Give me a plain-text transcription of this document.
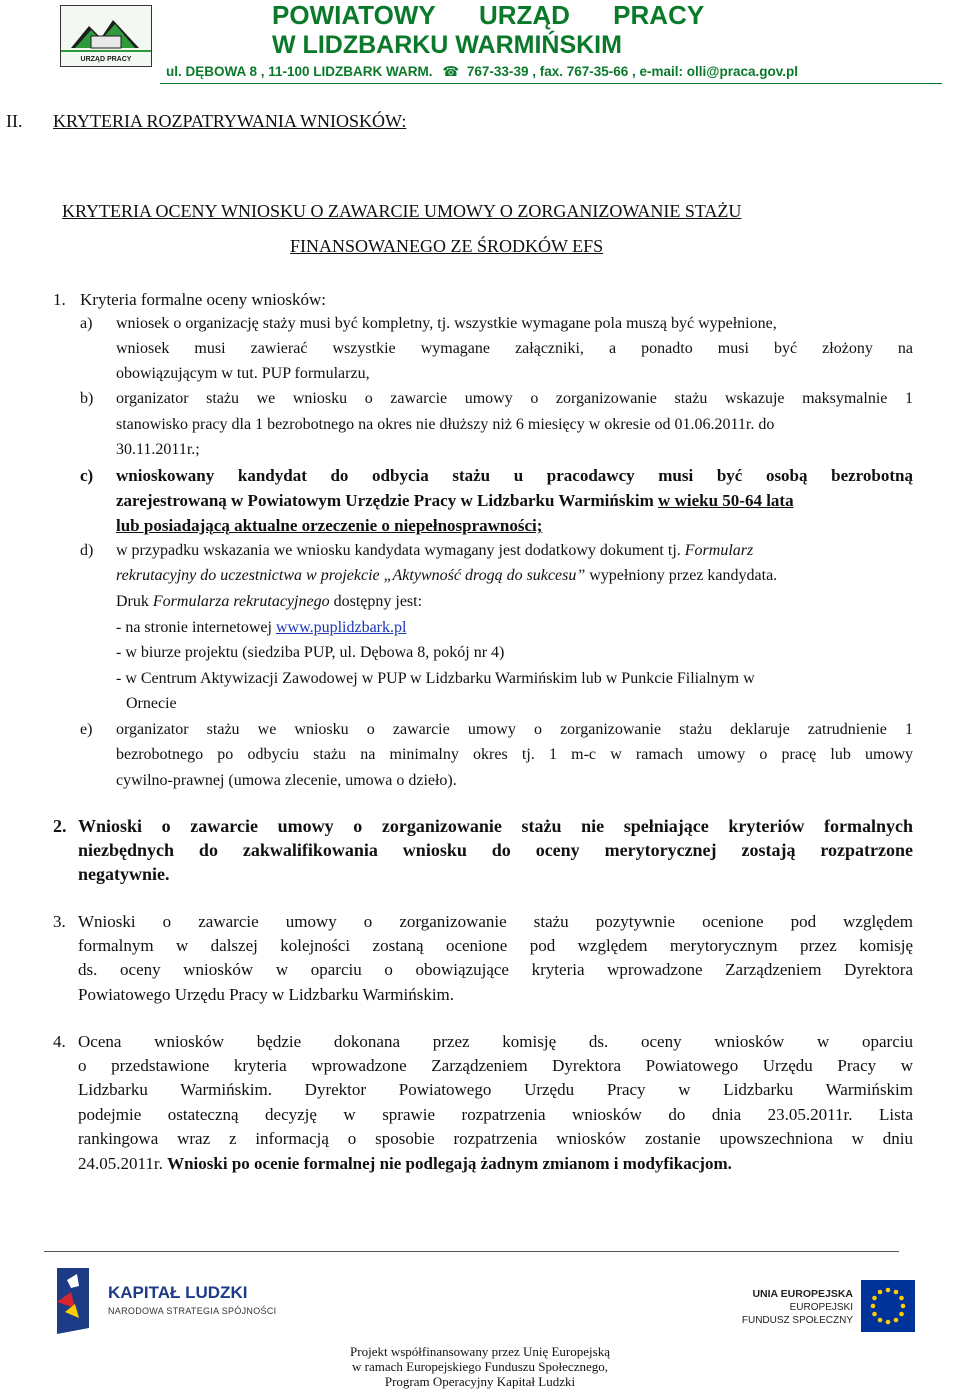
URZĄD PRACY
POWIATOWY URZĄD PRACY
W LIDZBARKU WARMIŃSKIM
ul. DĘBOWA 8 , 11-100 LIDZBARK WARM. ☎ 767-33-39 , fax. 767-35-66 , e-mail: olli@praca.gov.pl
II. KRYTERIA ROZPATRYWANIA WNIOSKÓW:
KRYTERIA OCENY WNIOSKU O ZAWARCIE UMOWY O ZORGANIZOWANIE STAŻU
FINANSOWANEGO ZE ŚRODKÓW EFS
1. Kryteria formalne oceny wniosków:
a) wniosek o organizację staży musi być kompletny, tj. wszystkie wymagane pola muszą być wypełnione,
wniosek musi zawierać wszystkie wymagane załączniki, a ponadto musi być złożony na
obowiązującym w tut. PUP formularzu,
b) organizator stażu we wniosku o zawarcie umowy o zorganizowanie stażu wskazuje maksymalnie 1
stanowisko pracy dla 1 bezrobotnego na okres nie dłuższy niż 6 miesięcy w okresie od 01.06.2011r. do
30.11.2011r.;
c) wnioskowany kandydat do odbycia stażu u pracodawcy musi być osobą bezrobotną
zarejestrowaną w Powiatowym Urzędzie Pracy w Lidzbarku Warmińskim w wieku 50-64 lata
lub posiadającą aktualne orzeczenie o niepełnosprawności;
d) w przypadku wskazania we wniosku kandydata wymagany jest dodatkowy dokument tj. Formularz
rekrutacyjny do uczestnictwa w projekcie „Aktywność drogą do sukcesu” wypełniony przez kandydata.
Druk Formularza rekrutacyjnego dostępny jest:
- na stronie internetowej www.puplidzbark.pl
- w biurze projektu (siedziba PUP, ul. Dębowa 8, pokój nr 4)
- w Centrum Aktywizacji Zawodowej w PUP w Lidzbarku Warmińskim lub w Punkcie Filialnym w
Ornecie
e) organizator stażu we wniosku o zawarcie umowy o zorganizowanie stażu deklaruje zatrudnienie 1
bezrobotnego po odbyciu stażu na minimalny okres tj. 1 m-c w ramach umowy o pracę lub umowy
cywilno-prawnej (umowa zlecenie, umowa o dzieło).
2. Wnioski o zawarcie umowy o zorganizowanie stażu nie spełniające kryteriów formalnych
niezbędnych do zakwalifikowania wniosku do oceny merytorycznej zostają rozpatrzone
negatywnie.
3. Wnioski o zawarcie umowy o zorganizowanie stażu pozytywnie ocenione pod względem
formalnym w dalszej kolejności zostaną ocenione pod względem merytorycznym przez komisję
ds. oceny wniosków w oparciu o obowiązujące kryteria wprowadzone Zarządzeniem Dyrektora
Powiatowego Urzędu Pracy w Lidzbarku Warmińskim.
4. Ocena wniosków będzie dokonana przez komisję ds. oceny wniosków w oparciu
o przedstawione kryteria wprowadzone Zarządzeniem Dyrektora Powiatowego Urzędu Pracy w
Lidzbarku Warmińskim. Dyrektor Powiatowego Urzędu Pracy w Lidzbarku Warmińskim
podejmie ostateczną decyzję w sprawie rozpatrzenia wniosków do dnia 23.05.2011r. Lista
rankingowa wraz z informacją o sposobie rozpatrzenia wniosków zostanie upowszechniona w dniu
24.05.2011r. Wnioski po ocenie formalnej nie podlegają żadnym zmianom i modyfikacjom.
KAPITAŁ LUDZKI
NARODOWA STRATEGIA SPÓJNOŚCI
UNIA EUROPEJSKA
EUROPEJSKI
FUNDUSZ SPOŁECZNY
Projekt współfinansowany przez Unię Europejską
w ramach Europejskiego Funduszu Społecznego,
Program Operacyjny Kapitał Ludzki
